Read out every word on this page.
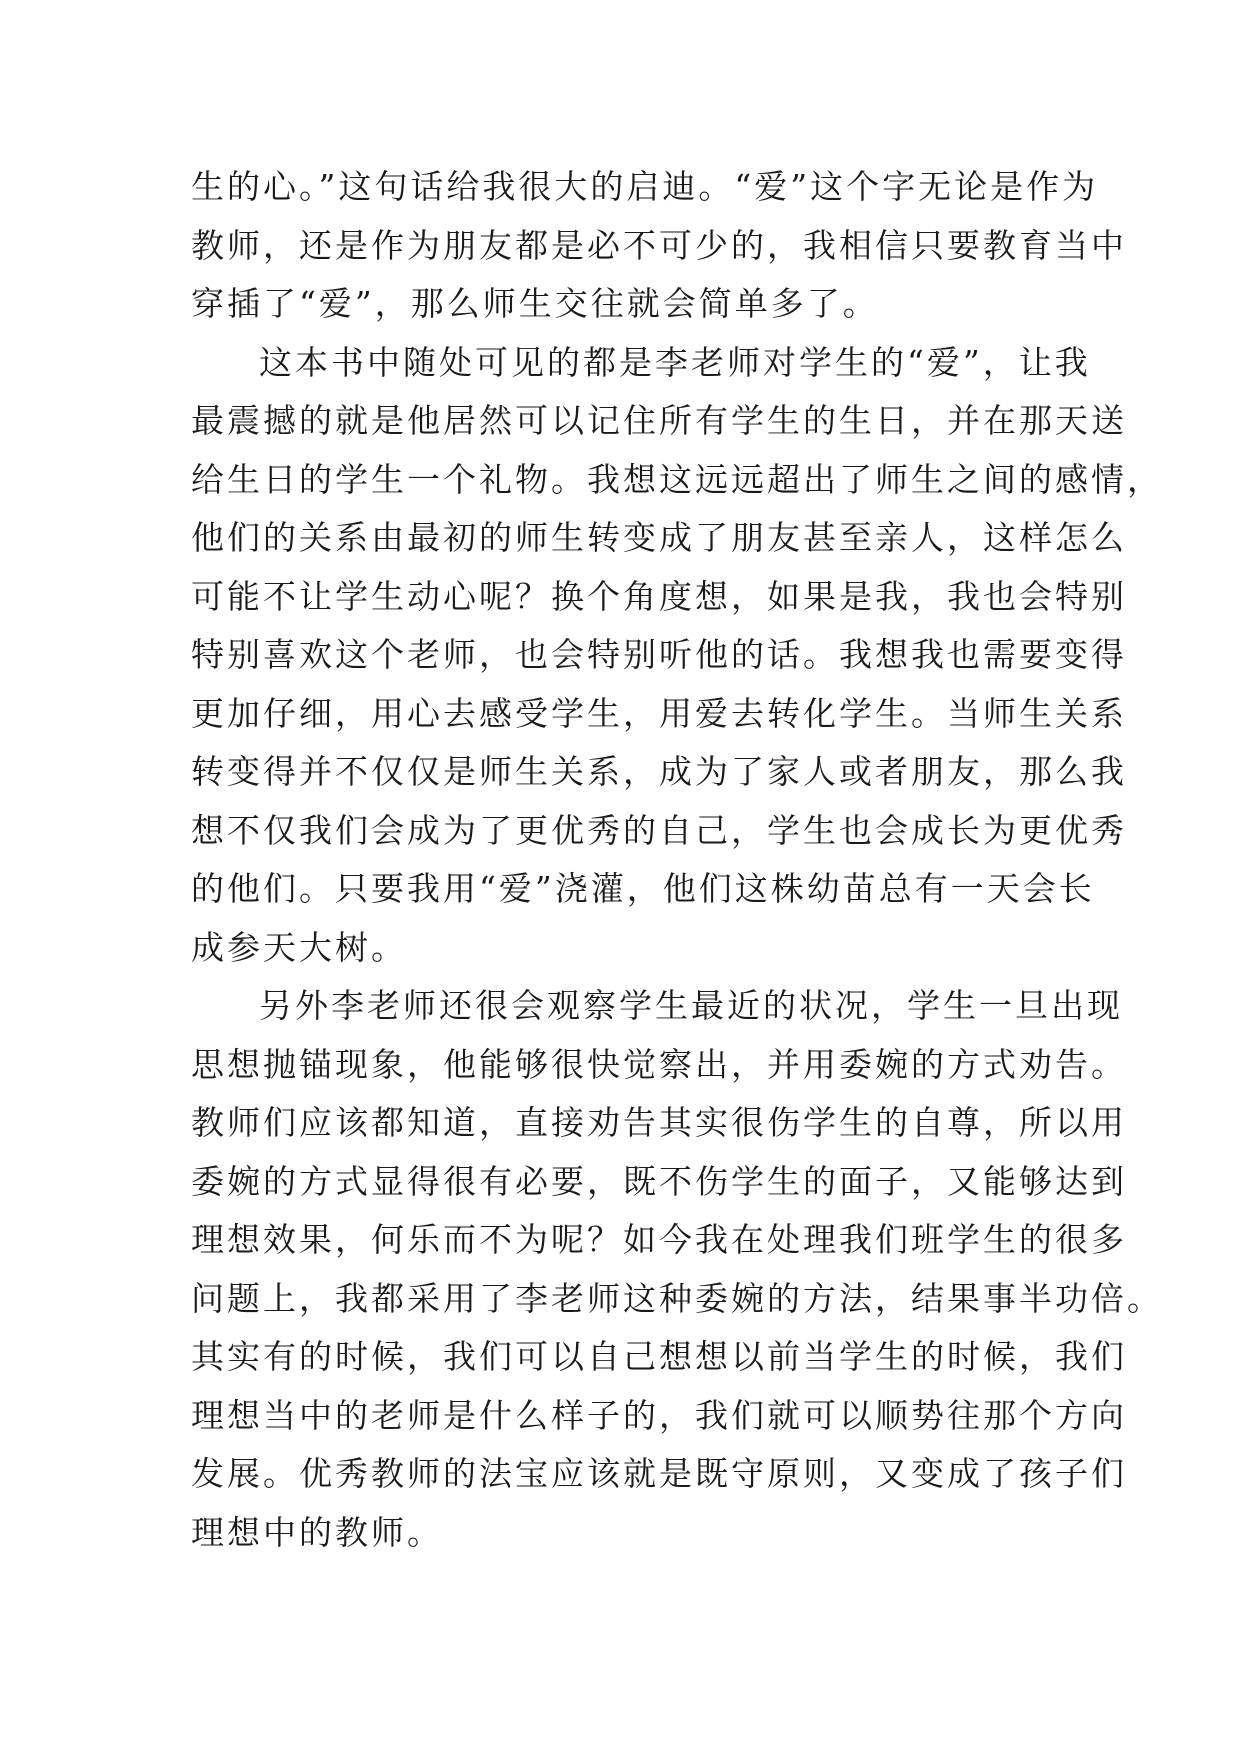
生的心。”这句话给我很大的启迪。“爱”这个字无论是作为
教师，还是作为朋友都是必不可少的，我相信只要教育当中
穿插了“爱”，那么师生交往就会简单多了。
这本书中随处可见的都是李老师对学生的“爱”，让我
最震撼的就是他居然可以记住所有学生的生日，并在那天送
给生日的学生一个礼物。我想这远远超出了师生之间的感情，
他们的关系由最初的师生转变成了朋友甚至亲人，这样怎么
可能不让学生动心呢？换个角度想，如果是我，我也会特别
特别喜欢这个老师，也会特别听他的话。我想我也需要变得
更加仔细，用心去感受学生，用爱去转化学生。当师生关系
转变得并不仅仅是师生关系，成为了家人或者朋友，那么我
想不仅我们会成为了更优秀的自己，学生也会成长为更优秀
的他们。只要我用“爱”浇灌，他们这株幼苗总有一天会长
成参天大树。
另外李老师还很会观察学生最近的状况，学生一旦出现
思想抛锚现象，他能够很快觉察出，并用委婉的方式劝告。
教师们应该都知道，直接劝告其实很伤学生的自尊，所以用
委婉的方式显得很有必要，既不伤学生的面子，又能够达到
理想效果，何乐而不为呢？如今我在处理我们班学生的很多
问题上，我都采用了李老师这种委婉的方法，结果事半功倍。
其实有的时候，我们可以自己想想以前当学生的时候，我们
理想当中的老师是什么样子的，我们就可以顺势往那个方向
发展。优秀教师的法宝应该就是既守原则，又变成了孩子们
理想中的教师。
